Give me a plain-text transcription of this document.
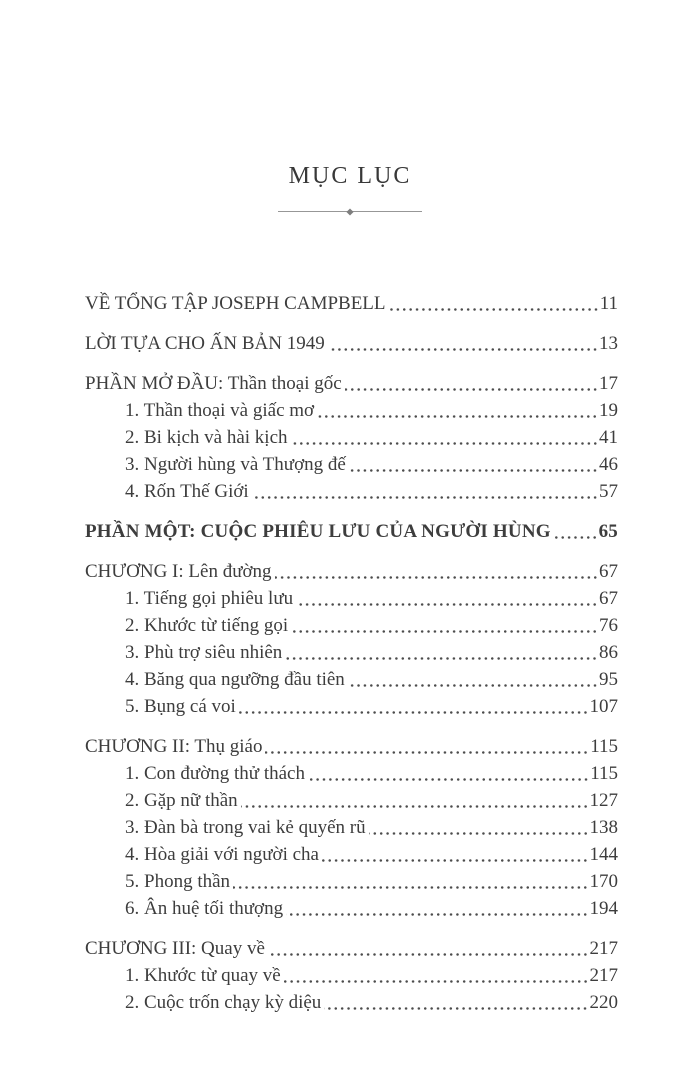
MỤC LỤC
VỀ TỔNG TẬP JOSEPH CAMPBELL	11
LỜI TỰA CHO ẤN BẢN 1949	13
PHẦN MỞ ĐẦU: Thần thoại gốc	17
1. Thần thoại và giấc mơ	19
2. Bi kịch và hài kịch	41
3. Người hùng và Thượng đế	46
4. Rốn Thế Giới	57
PHẦN MỘT: CUỘC PHIÊU LƯU CỦA NGƯỜI HÙNG	65
CHƯƠNG I: Lên đường	67
1. Tiếng gọi phiêu lưu	67
2. Khước từ tiếng gọi	76
3. Phù trợ siêu nhiên	86
4. Băng qua ngưỡng đầu tiên	95
5. Bụng cá voi	107
CHƯƠNG II: Thụ giáo	115
1. Con đường thử thách	115
2. Gặp nữ thần	127
3. Đàn bà trong vai kẻ quyến rũ	138
4. Hòa giải với người cha	144
5. Phong thần	170
6. Ân huệ tối thượng	194
CHƯƠNG III: Quay về	217
1. Khước từ quay về	217
2. Cuộc trốn chạy kỳ diệu	220
